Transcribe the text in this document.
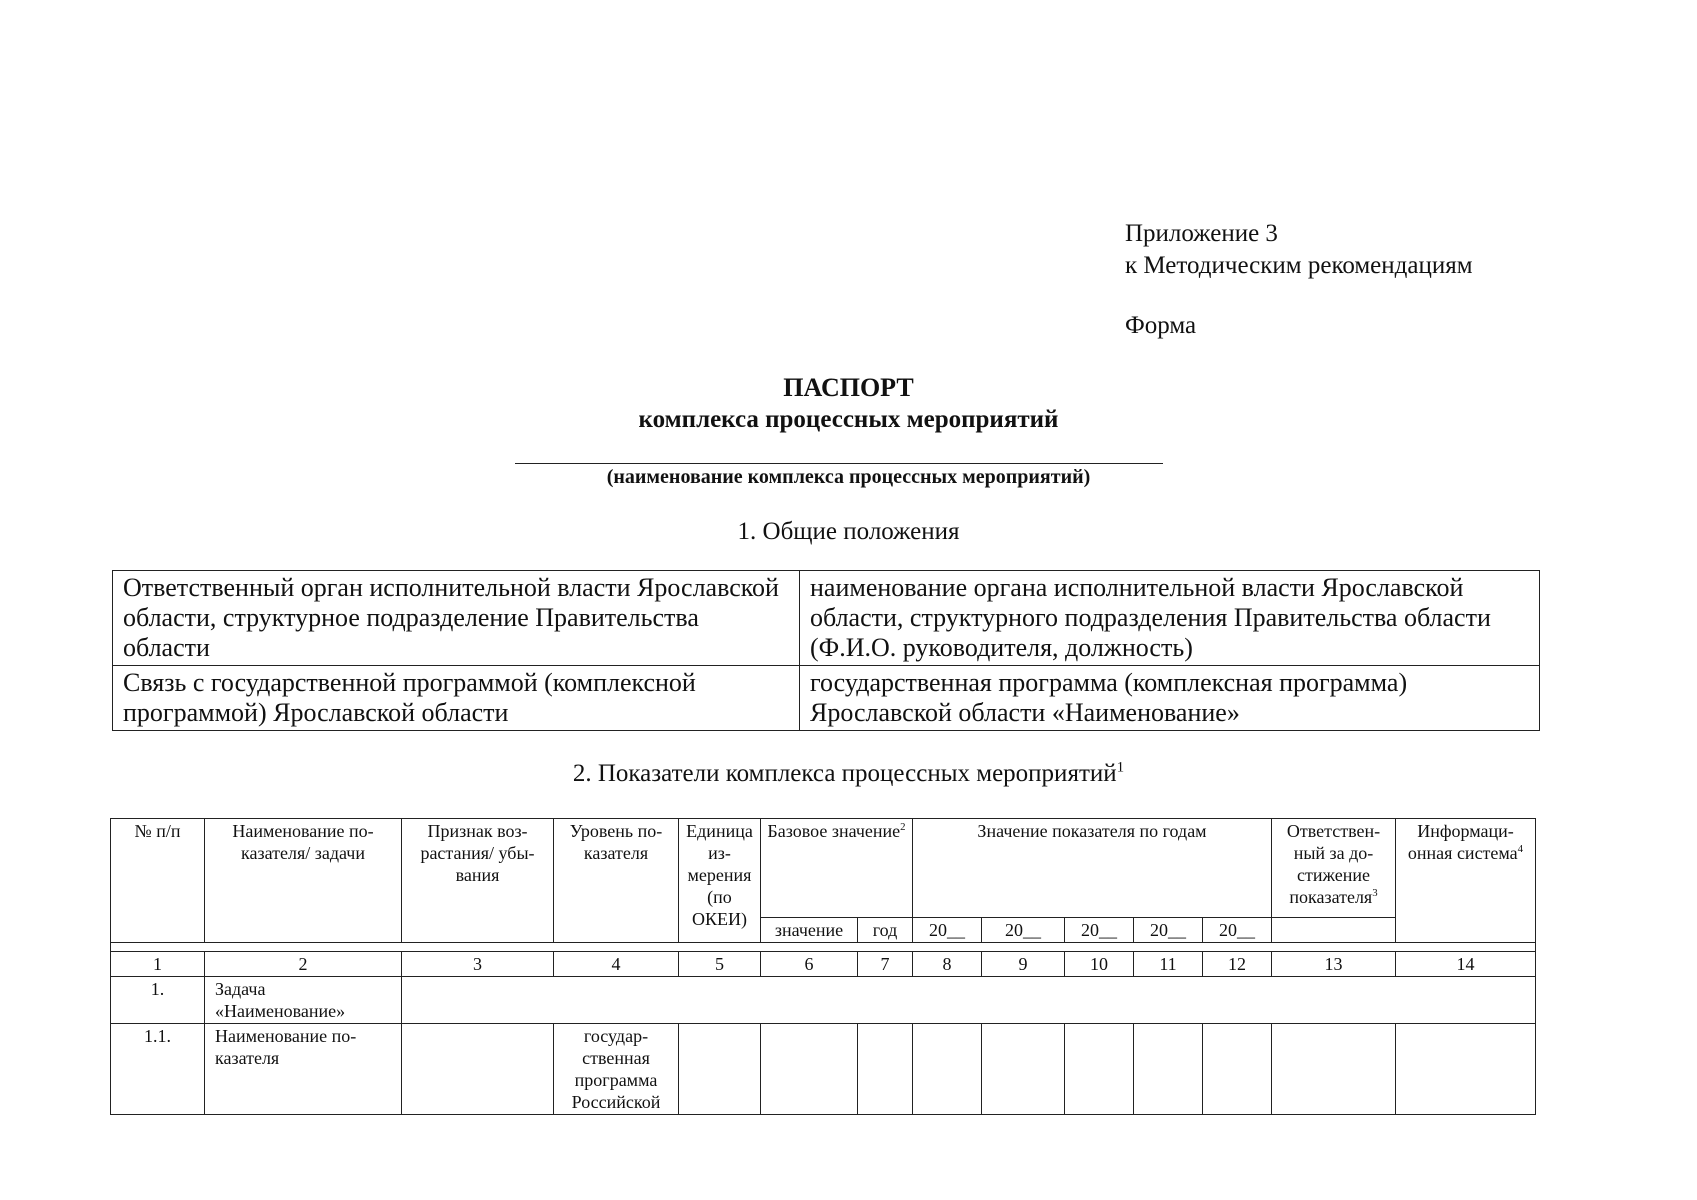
Приложение 3
к Методическим рекомендациям
Форма
ПАСПОРТ
комплекса процессных мероприятий
(наименование комплекса процессных мероприятий)
1. Общие положения
Ответственный орган исполнительной власти Ярославской области, структурное подразделение Правительства области	наименование органа исполнительной власти Ярославской области, структурного подразделения Правительства области (Ф.И.О. руководителя, должность)
Связь с государственной программой (комплексной программой) Ярославской области	государственная программа (комплексная программа) Ярославской области «Наименование»
2. Показатели комплекса процессных мероприятий$^1$
№ п/п	Наименование по-казателя/ задачи	Признак воз-растания/ убы-вания	Уровень по-казателя	Единица из-мерения (по ОКЕИ)	Базовое значение$^2$		Значение показателя по годам					Ответствен-ный за до-стижение показателя$^3$	Информаци-онная система$^4$
					значение	год	20__	20__	20__	20__	20__		

1	2	3	4	5	6	7	8	9	10	11	12	13	14
1.	Задача «Наименование»												
1.1.	Наименование по-казателя		государ-ственная программа Российской										
